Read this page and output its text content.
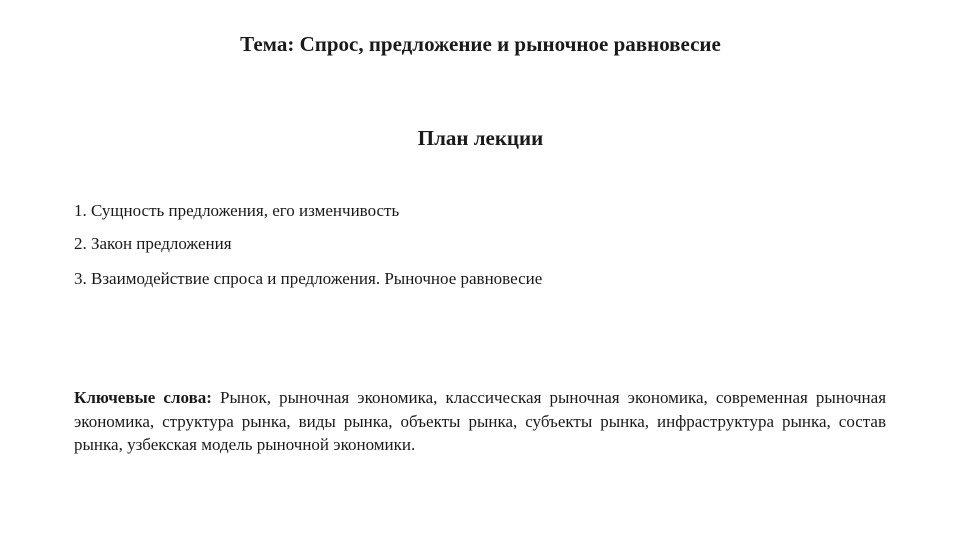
Тема: Спрос, предложение и рыночное равновесие
План лекции
1. Сущность предложения, его изменчивость
2. Закон предложения
3. Взаимодействие спроса и предложения. Рыночное равновесие

Ключевые слова: Рынок, рыночная экономика, классическая рыночная экономика, современная рыночная экономика, структура рынка, виды рынка, объекты рынка, субъекты рынка, инфраструктура рынка, состав рынка, узбекская модель рыночной экономики.
